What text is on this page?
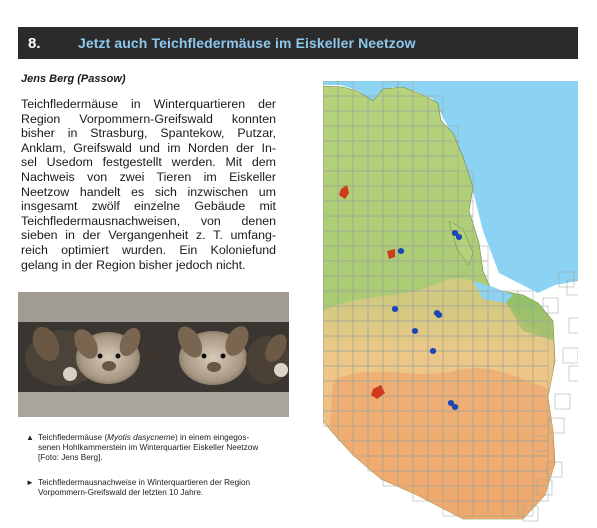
8.	Jetzt auch Teichfledermäuse im Eiskeller Neetzow
Jens Berg (Passow)

Teichfledermäuse in Winterquartieren der
Region Vorpommern-Greifswald konnten
bisher in Strasburg, Spantekow, Putzar,
Anklam, Greifswald und im Norden der In-
sel Usedom festgestellt werden. Mit dem
Nachweis von zwei Tieren im Eiskeller
Neetzow handelt es sich inzwischen um
insgesamt zwölf einzelne Gebäude mit
Teichfledermausnachweisen, von denen
sieben in der Vergangenheit z. T. umfang-
reich optimiert wurden. Ein Koloniefund
gelang in der Region bisher jedoch nicht.

▲ Teichfledermäuse (Myotis dasycneme) in einem eingegos-
senen Hohlkammerstein im Winterquartier Eiskeller Neetzow
[Foto: Jens Berg].
► Teichfledermausnachweise in Winterquartieren der Region
Vorpommern-Greifswald der letzten 10 Jahre.
